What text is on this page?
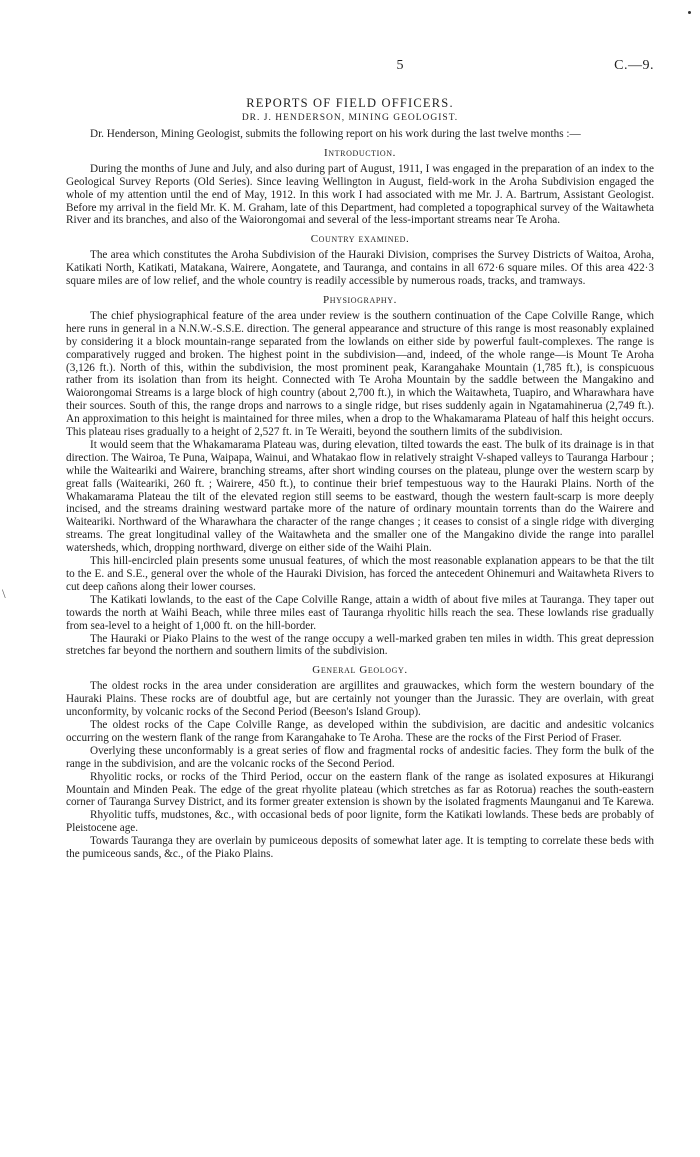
\
5	C.—9.
REPORTS OF FIELD OFFICERS.
DR. J. HENDERSON, MINING GEOLOGIST.

Dr. Henderson, Mining Geologist, submits the following report on his work during the last twelve months :—

Introduction.

During the months of June and July, and also during part of August, 1911, I was engaged in the preparation of an index to the Geological Survey Reports (Old Series). Since leaving Wellington in August, field-work in the Aroha Subdivision engaged the whole of my attention until the end of May, 1912. In this work I had associated with me Mr. J. A. Bartrum, Assistant Geologist. Before my arrival in the field Mr. K. M. Graham, late of this Department, had completed a topographical survey of the Waitawheta River and its branches, and also of the Waiorongomai and several of the less-important streams near Te Aroha.

Country examined.

The area which constitutes the Aroha Subdivision of the Hauraki Division, comprises the Survey Districts of Waitoa, Aroha, Katikati North, Katikati, Matakana, Wairere, Aongatete, and Tauranga, and contains in all 672·6 square miles. Of this area 422·3 square miles are of low relief, and the whole country is readily accessible by numerous roads, tracks, and tramways.

Physiography.

The chief physiographical feature of the area under review is the southern continuation of the Cape Colville Range, which here runs in general in a N.N.W.-S.S.E. direction. The general appearance and structure of this range is most reasonably explained by considering it a block mountain-range separated from the lowlands on either side by powerful fault-complexes. The range is comparatively rugged and broken. The highest point in the subdivision—and, indeed, of the whole range—is Mount Te Aroha (3,126 ft.). North of this, within the subdivision, the most prominent peak, Karangahake Mountain (1,785 ft.), is conspicuous rather from its isolation than from its height. Connected with Te Aroha Mountain by the saddle between the Mangakino and Waiorongomai Streams is a large block of high country (about 2,700 ft.), in which the Waitawheta, Tuapiro, and Wharawhara have their sources. South of this, the range drops and narrows to a single ridge, but rises suddenly again in Ngatamahinerua (2,749 ft.). An approximation to this height is maintained for three miles, when a drop to the Whakamarama Plateau of half this height occurs. This plateau rises gradually to a height of 2,527 ft. in Te Weraiti, beyond the southern limits of the subdivision.

It would seem that the Whakamarama Plateau was, during elevation, tilted towards the east. The bulk of its drainage is in that direction. The Wairoa, Te Puna, Waipapa, Wainui, and Whatakao flow in relatively straight V-shaped valleys to Tauranga Harbour ; while the Waiteariki and Wairere, branching streams, after short winding courses on the plateau, plunge over the western scarp by great falls (Waiteariki, 260 ft. ; Wairere, 450 ft.), to continue their brief tempestuous way to the Hauraki Plains. North of the Whakamarama Plateau the tilt of the elevated region still seems to be eastward, though the western fault-scarp is more deeply incised, and the streams draining westward partake more of the nature of ordinary mountain torrents than do the Wairere and Waiteariki. Northward of the Wharawhara the character of the range changes ; it ceases to consist of a single ridge with diverging streams. The great longitudinal valley of the Waitawheta and the smaller one of the Mangakino divide the range into parallel watersheds, which, dropping northward, diverge on either side of the Waihi Plain.

This hill-encircled plain presents some unusual features, of which the most reasonable explanation appears to be that the tilt to the E. and S.E., general over the whole of the Hauraki Division, has forced the antecedent Ohinemuri and Waitawheta Rivers to cut deep cañons along their lower courses.

The Katikati lowlands, to the east of the Cape Colville Range, attain a width of about five miles at Tauranga. They taper out towards the north at Waihi Beach, while three miles east of Tauranga rhyolitic hills reach the sea. These lowlands rise gradually from sea-level to a height of 1,000 ft. on the hill-border.

The Hauraki or Piako Plains to the west of the range occupy a well-marked graben ten miles in width. This great depression stretches far beyond the northern and southern limits of the subdivision.

General Geology.

The oldest rocks in the area under consideration are argillites and grauwackes, which form the western boundary of the Hauraki Plains. These rocks are of doubtful age, but are certainly not younger than the Jurassic. They are overlain, with great unconformity, by volcanic rocks of the Second Period (Beeson's Island Group).

The oldest rocks of the Cape Colville Range, as developed within the subdivision, are dacitic and andesitic volcanics occurring on the western flank of the range from Karangahake to Te Aroha. These are the rocks of the First Period of Fraser.

Overlying these unconformably is a great series of flow and fragmental rocks of andesitic facies. They form the bulk of the range in the subdivision, and are the volcanic rocks of the Second Period.

Rhyolitic rocks, or rocks of the Third Period, occur on the eastern flank of the range as isolated exposures at Hikurangi Mountain and Minden Peak. The edge of the great rhyolite plateau (which stretches as far as Rotorua) reaches the south-eastern corner of Tauranga Survey District, and its former greater extension is shown by the isolated fragments Maunganui and Te Karewa.

Rhyolitic tuffs, mudstones, &c., with occasional beds of poor lignite, form the Katikati lowlands. These beds are probably of Pleistocene age.

Towards Tauranga they are overlain by pumiceous deposits of somewhat later age. It is tempting to correlate these beds with the pumiceous sands, &c., of the Piako Plains.
